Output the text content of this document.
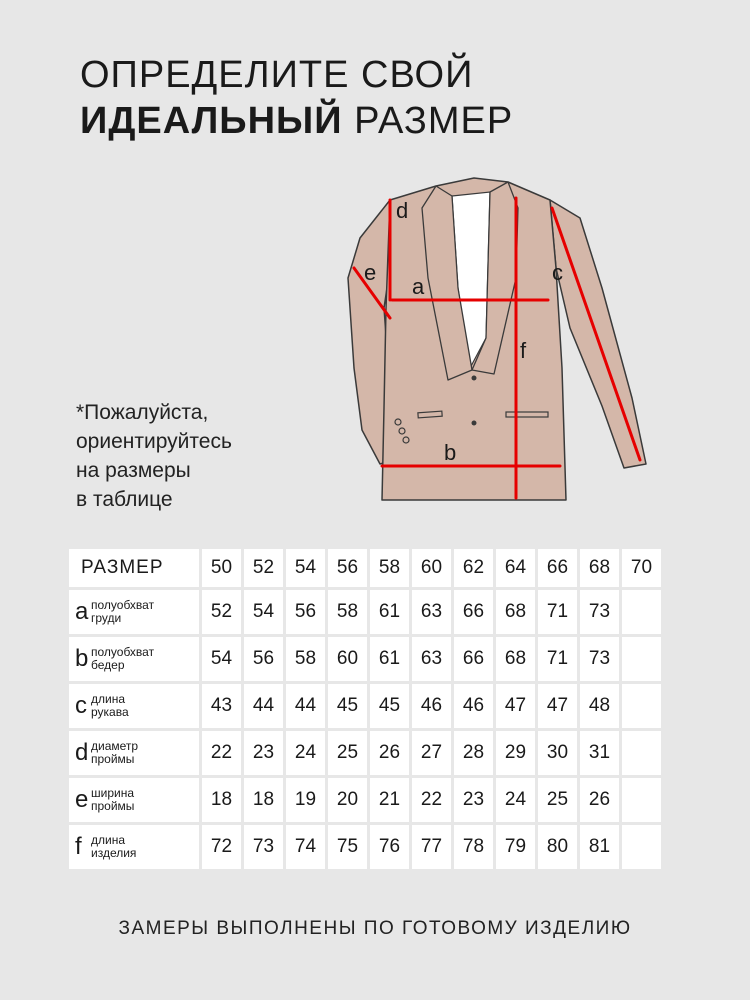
ОПРЕДЕЛИТЕ СВОЙ
ИДЕАЛЬНЫЙ РАЗМЕР
*Пожалуйста,
ориентируйтесь
на размеры
в таблице
a
b
c
d
e
f
РАЗМЕР	50	52	54	56	58	60	62	64	66	68	70
a полуобхват
груди	52	54	56	58	61	63	66	68	71	73	
b полуобхват
бедер	54	56	58	60	61	63	66	68	71	73	
c длина
рукава	43	44	44	45	45	46	46	47	47	48	
d диаметр
проймы	22	23	24	25	26	27	28	29	30	31	
e ширина
проймы	18	18	19	20	21	22	23	24	25	26	
f длина
изделия	72	73	74	75	76	77	78	79	80	81	
ЗАМЕРЫ ВЫПОЛНЕНЫ ПО ГОТОВОМУ ИЗДЕЛИЮ
